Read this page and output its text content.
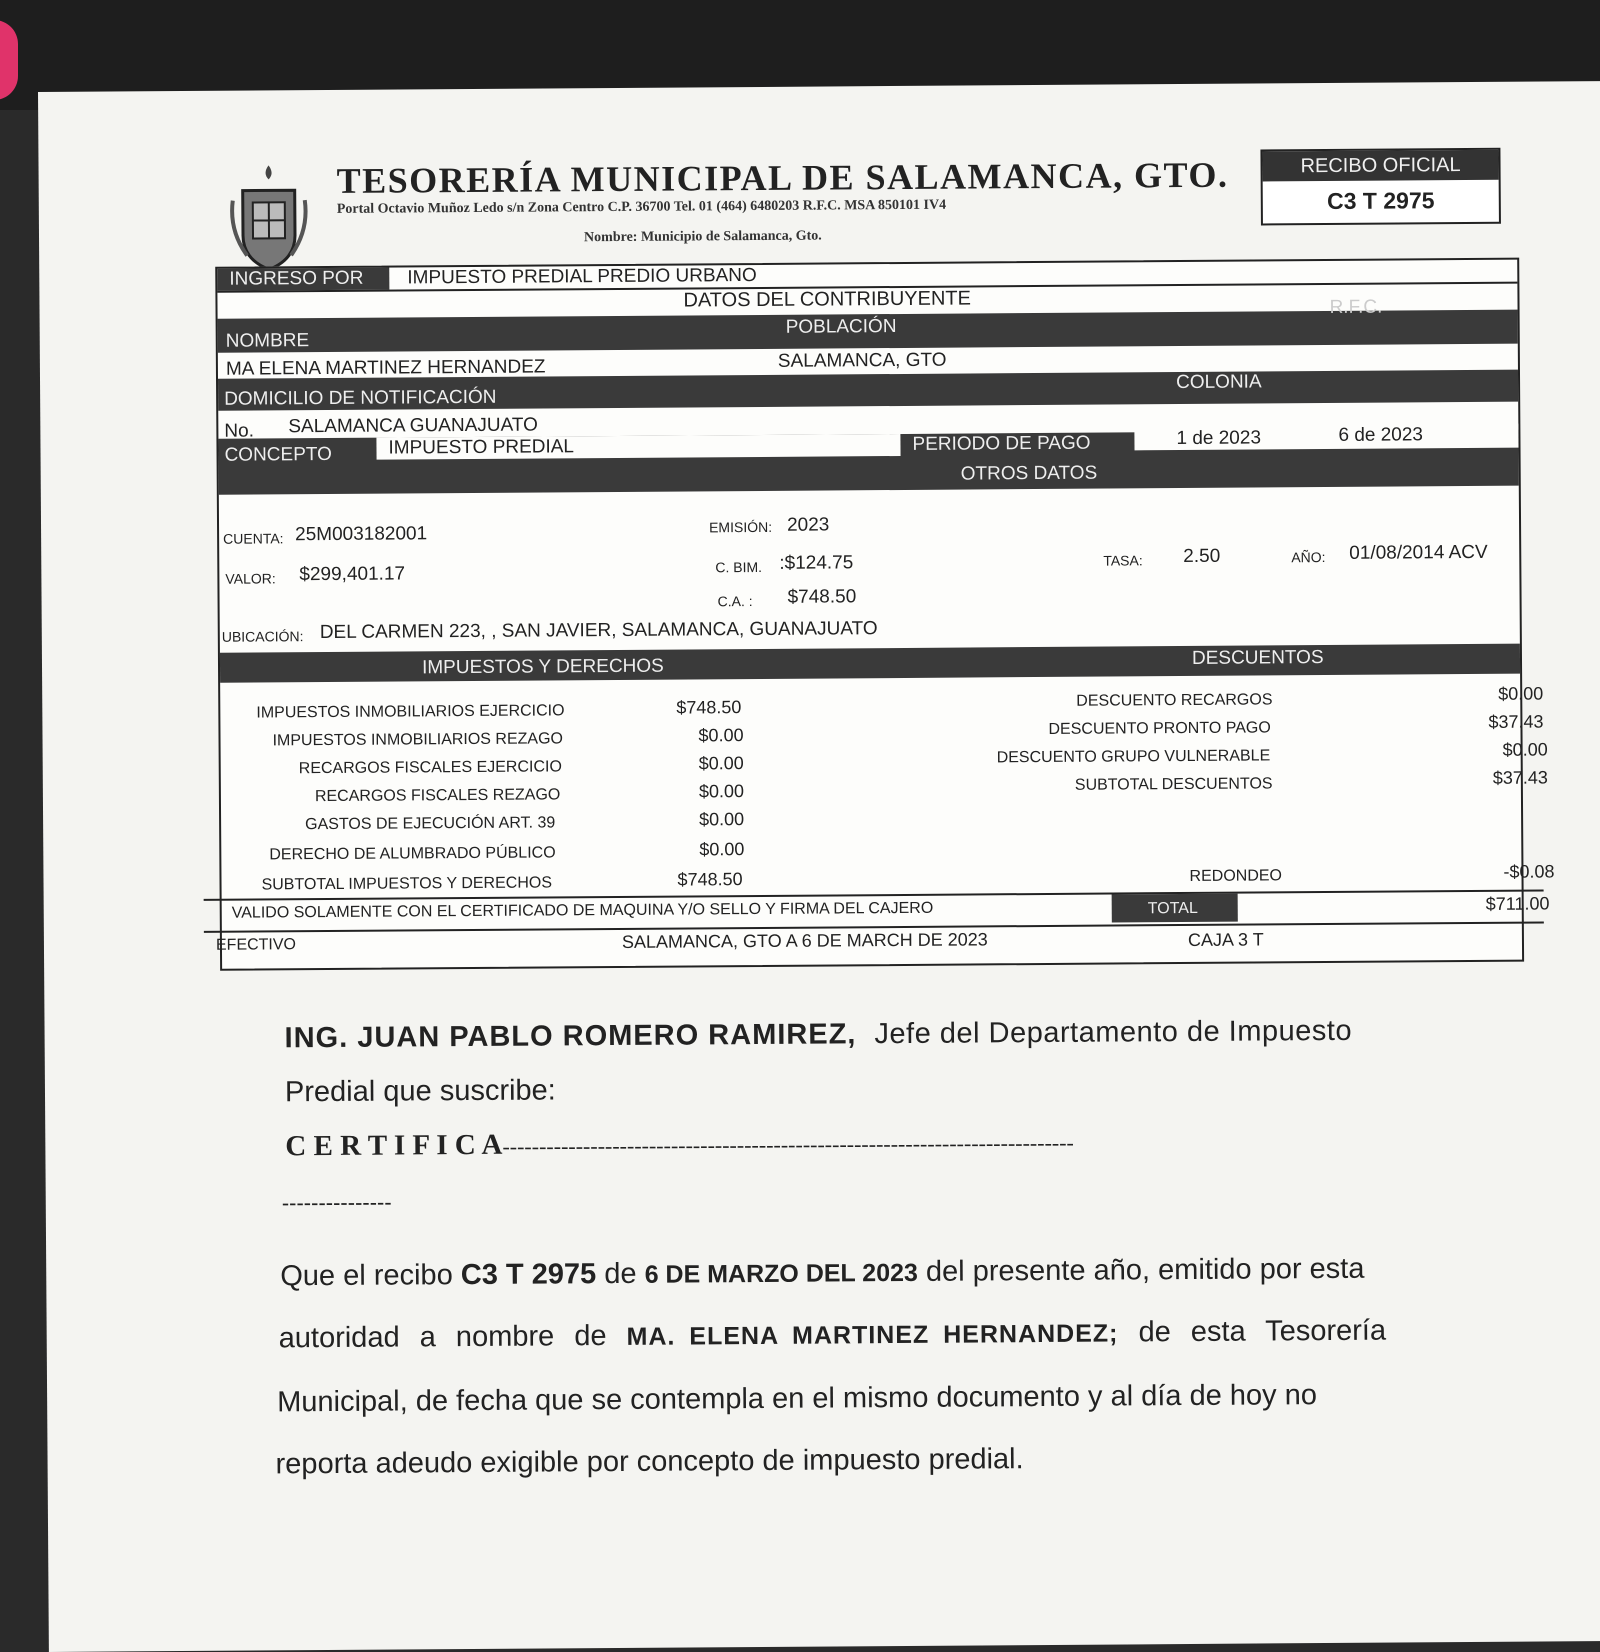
TESORERÍA MUNICIPAL DE SALAMANCA, GTO.
Portal Octavio Muñoz Ledo s/n Zona Centro C.P. 36700 Tel. 01 (464) 6480203 R.F.C. MSA 850101 IV4
Nombre: Municipio de Salamanca, Gto.
RECIBO OFICIAL
C3 T 2975
INGRESO POR	IMPUESTO PREDIAL PREDIO URBANO
DATOS DEL CONTRIBUYENTE
NOMBRE
POBLACIÓN
R.F.C.
MA ELENA MARTINEZ HERNANDEZ	SALAMANCA, GTO
DOMICILIO DE NOTIFICACIÓN
COLONIA
No. SALAMANCA GUANAJUATO
CONCEPTO	PERIODO DE PAGO
OTROS DATOS
IMPUESTO PREDIAL	1 de 2023	6 de 2023
CUENTA: 25M003182001	EMISIÓN: 2023
VALOR: $299,401.17	C. BIM. :$124.75	TASA: 2.50	AÑO: 01/08/2014 ACV
C.A. : $748.50
UBICACIÓN: DEL CARMEN 223, , SAN JAVIER, SALAMANCA, GUANAJUATO
IMPUESTOS Y DERECHOS	DESCUENTOS
IMPUESTOS INMOBILIARIOS EJERCICIO	$748.50
IMPUESTOS INMOBILIARIOS REZAGO	$0.00
RECARGOS FISCALES EJERCICIO	$0.00
RECARGOS FISCALES REZAGO	$0.00
GASTOS DE EJECUCIÓN ART. 39	$0.00
DERECHO DE ALUMBRADO PÚBLICO	$0.00
SUBTOTAL IMPUESTOS Y DERECHOS	$748.50
DESCUENTO RECARGOS	$0.00
DESCUENTO PRONTO PAGO	$37.43
DESCUENTO GRUPO VULNERABLE	$0.00
SUBTOTAL DESCUENTOS	$37.43
REDONDEO	-$0.08
VALIDO SOLAMENTE CON EL CERTIFICADO DE MAQUINA Y/O SELLO Y FIRMA DEL CAJERO	TOTAL	$711.00
EFECTIVO	SALAMANCA, GTO A 6 DE MARCH DE 2023	CAJA 3 T
ING. JUAN PABLO ROMERO RAMIREZ, Jefe del Departamento de Impuesto
Predial que suscribe:
C E R T I F I C A------------------------------------------------------------------------------
---------------
Que el recibo C3 T 2975 de 6 DE MARZO DEL 2023 del presente año, emitido por esta
autoridad a nombre de MA. ELENA MARTINEZ HERNANDEZ; de esta Tesorería
Municipal, de fecha que se contempla en el mismo documento y al día de hoy no
reporta adeudo exigible por concepto de impuesto predial.
